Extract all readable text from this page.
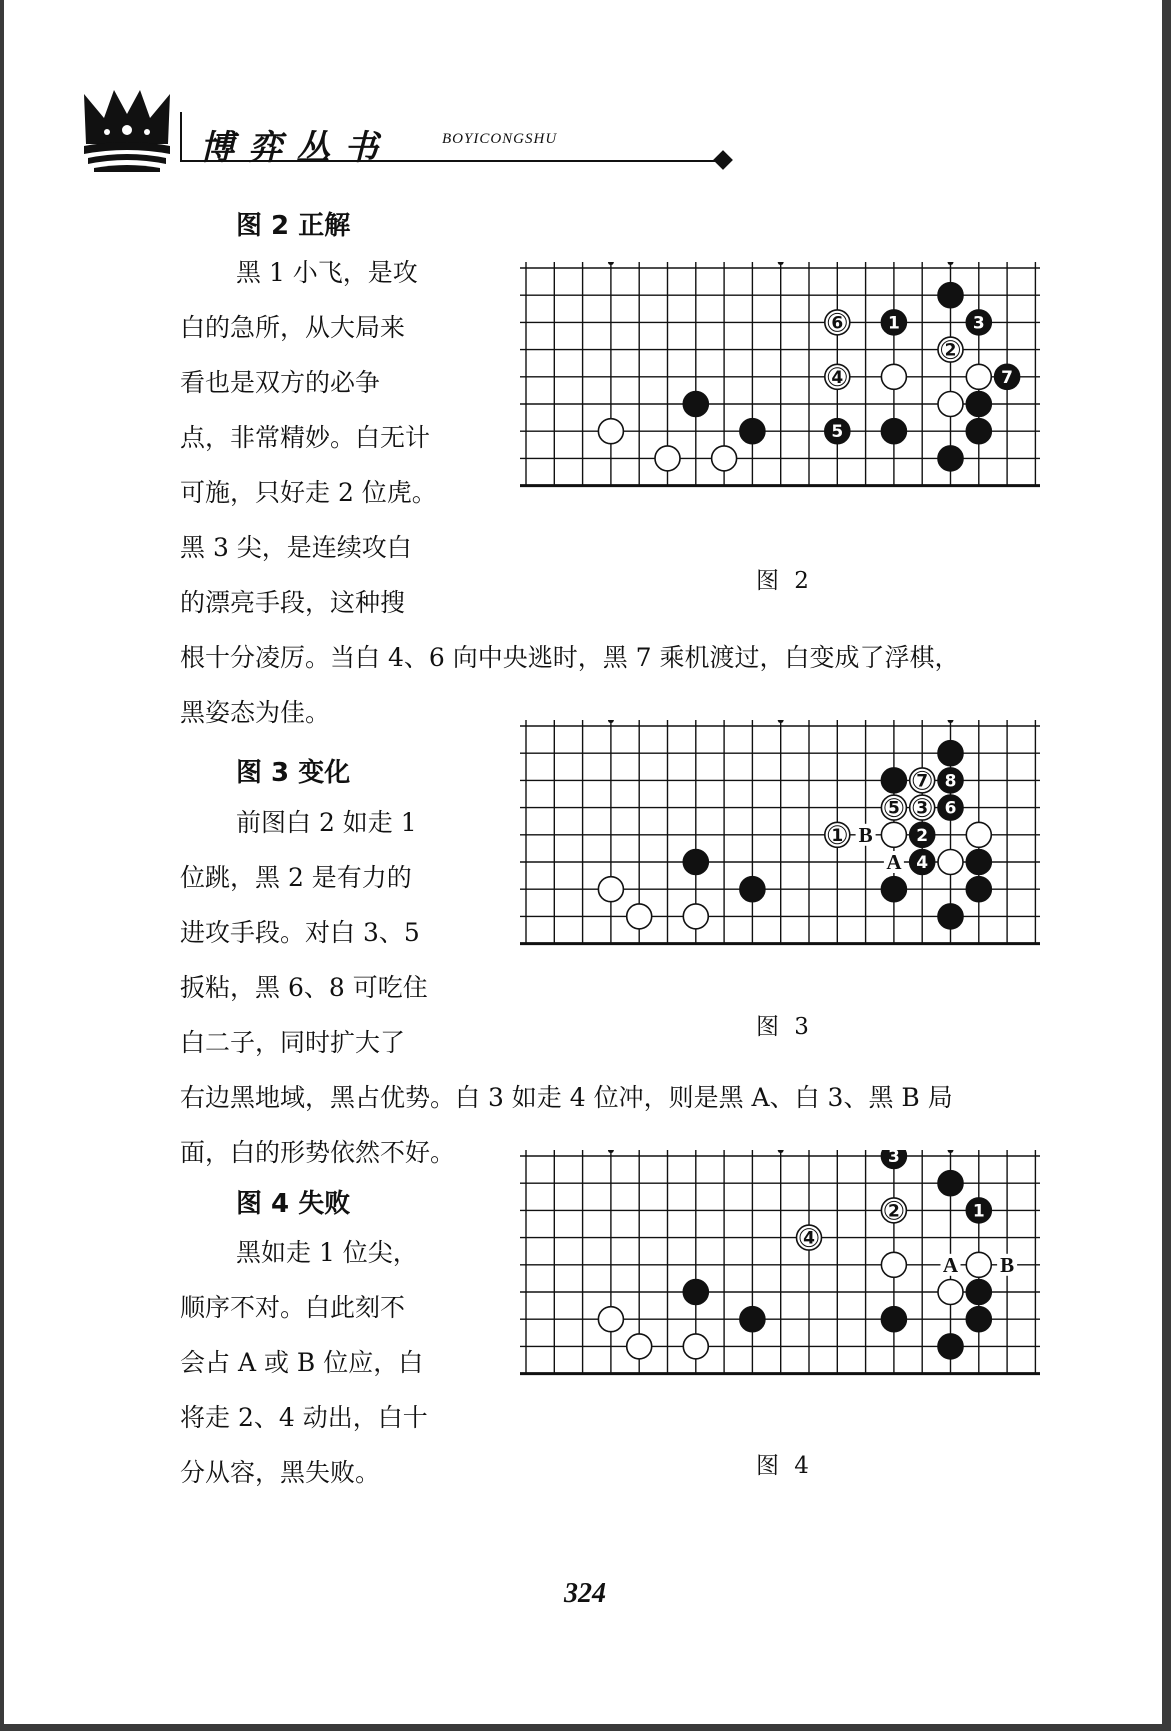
博弈丛书	BOYICONGSHU
图 2 正解
黑 1 小飞，是攻
白的急所，从大局来
看也是双方的必争
点，非常精妙。白无计
可施，只好走 2 位虎。
黑 3 尖，是连续攻白
的漂亮手段，这种搜
根十分凌厉。当白 4、6 向中央逃时，黑 7 乘机渡过，白变成了浮棋，
黑姿态为佳。
6	1	3
2
4	7
5
图 2
图 3 变化
前图白 2 如走 1
位跳，黑 2 是有力的
进攻手段。对白 3、5
扳粘，黑 6、8 可吃住
白二子，同时扩大了
右边黑地域，黑占优势。白 3 如走 4 位冲，则是黑 A、白 3、黑 B 局
面，白的形势依然不好。
7 8
5 3 6
1	2
4
B
A
图 3
图 4 失败
黑如走 1 位尖，
顺序不对。白此刻不
会占 A 或 B 位应，白
将走 2、4 动出，白十
分从容，黑失败。
3
2	1
4
A B
图 4
324
